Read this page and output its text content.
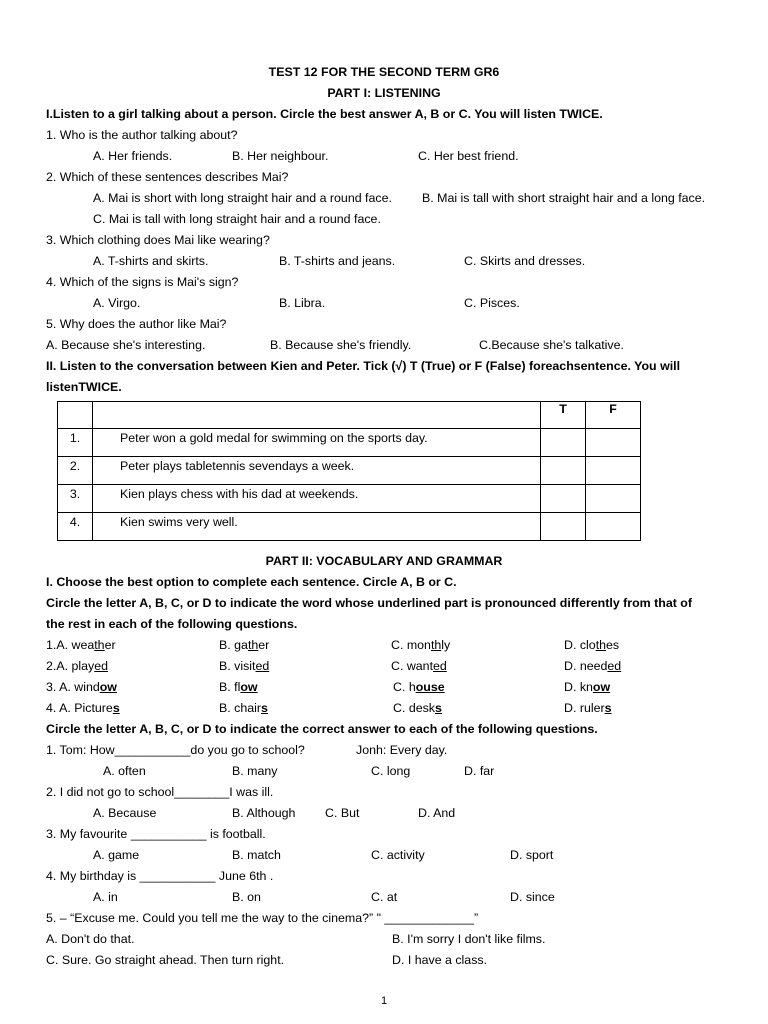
TEST 12 FOR THE SECOND TERM GR6
PART I: LISTENING
I.Listen to a girl talking about a person. Circle the best answer A, B or C. You will listen TWICE.
1. Who is the author talking about?
A. Her friends.	B. Her neighbour.	C. Her best friend.
2. Which of these sentences describes Mai?
A. Mai is short with long straight hair and a round face. B. Mai is tall with short straight hair and a long face.
C. Mai is tall with long straight hair and a round face.
3. Which clothing does Mai like wearing?
A. T-shirts and skirts.	B. T-shirts and jeans.	C. Skirts and dresses.
4. Which of the signs is Mai's sign?
A. Virgo.	B. Libra.	C. Pisces.
5. Why does the author like Mai?
A. Because she's interesting.	B. Because she's friendly.	C.Because she's talkative.
II. Listen to the conversation between Kien and Peter. Tick (√) T (True) or F (False) foreachsentence. You will
listenTWICE.
		T	F
1.	Peter won a gold medal for swimming on the sports day.		
2.	Peter plays tabletennis sevendays a week.		
3.	Kien plays chess with his dad at weekends.		
4.	Kien swims very well.		
PART II: VOCABULARY AND GRAMMAR
I. Choose the best option to complete each sentence. Circle A, B or C.
Circle the letter A, B, C, or D to indicate the word whose underlined part is pronounced differently from that of
the rest in each of the following questions.
1.A. weather	B. gather	C. monthly	D. clothes
2.A. played	B. visited	C. wanted	D. needed
3. A. window	B. flow	C. house	D. know
4. A. Pictures	B. chairs	C. desks	D. rulers
Circle the letter A, B, C, or D to indicate the correct answer to each of the following questions.
1. Tom: How___________do you go to school?	Jonh: Every day.
A. often	B. many	C. long	D. far
2. I did not go to school________I was ill.
A. Because	B. Although C. But	D. And
3. My favourite ___________ is football.
A. game	B. match	C. activity	D. sport
4. My birthday is ___________ June 6th .
A. in	B. on	C. at	D. since
5. – “Excuse me. Could you tell me the way to the cinema?” " _____________”
A. Don't do that.	B. I'm sorry I don't like films.
C. Sure. Go straight ahead. Then turn right.	D. I have a class.
1
